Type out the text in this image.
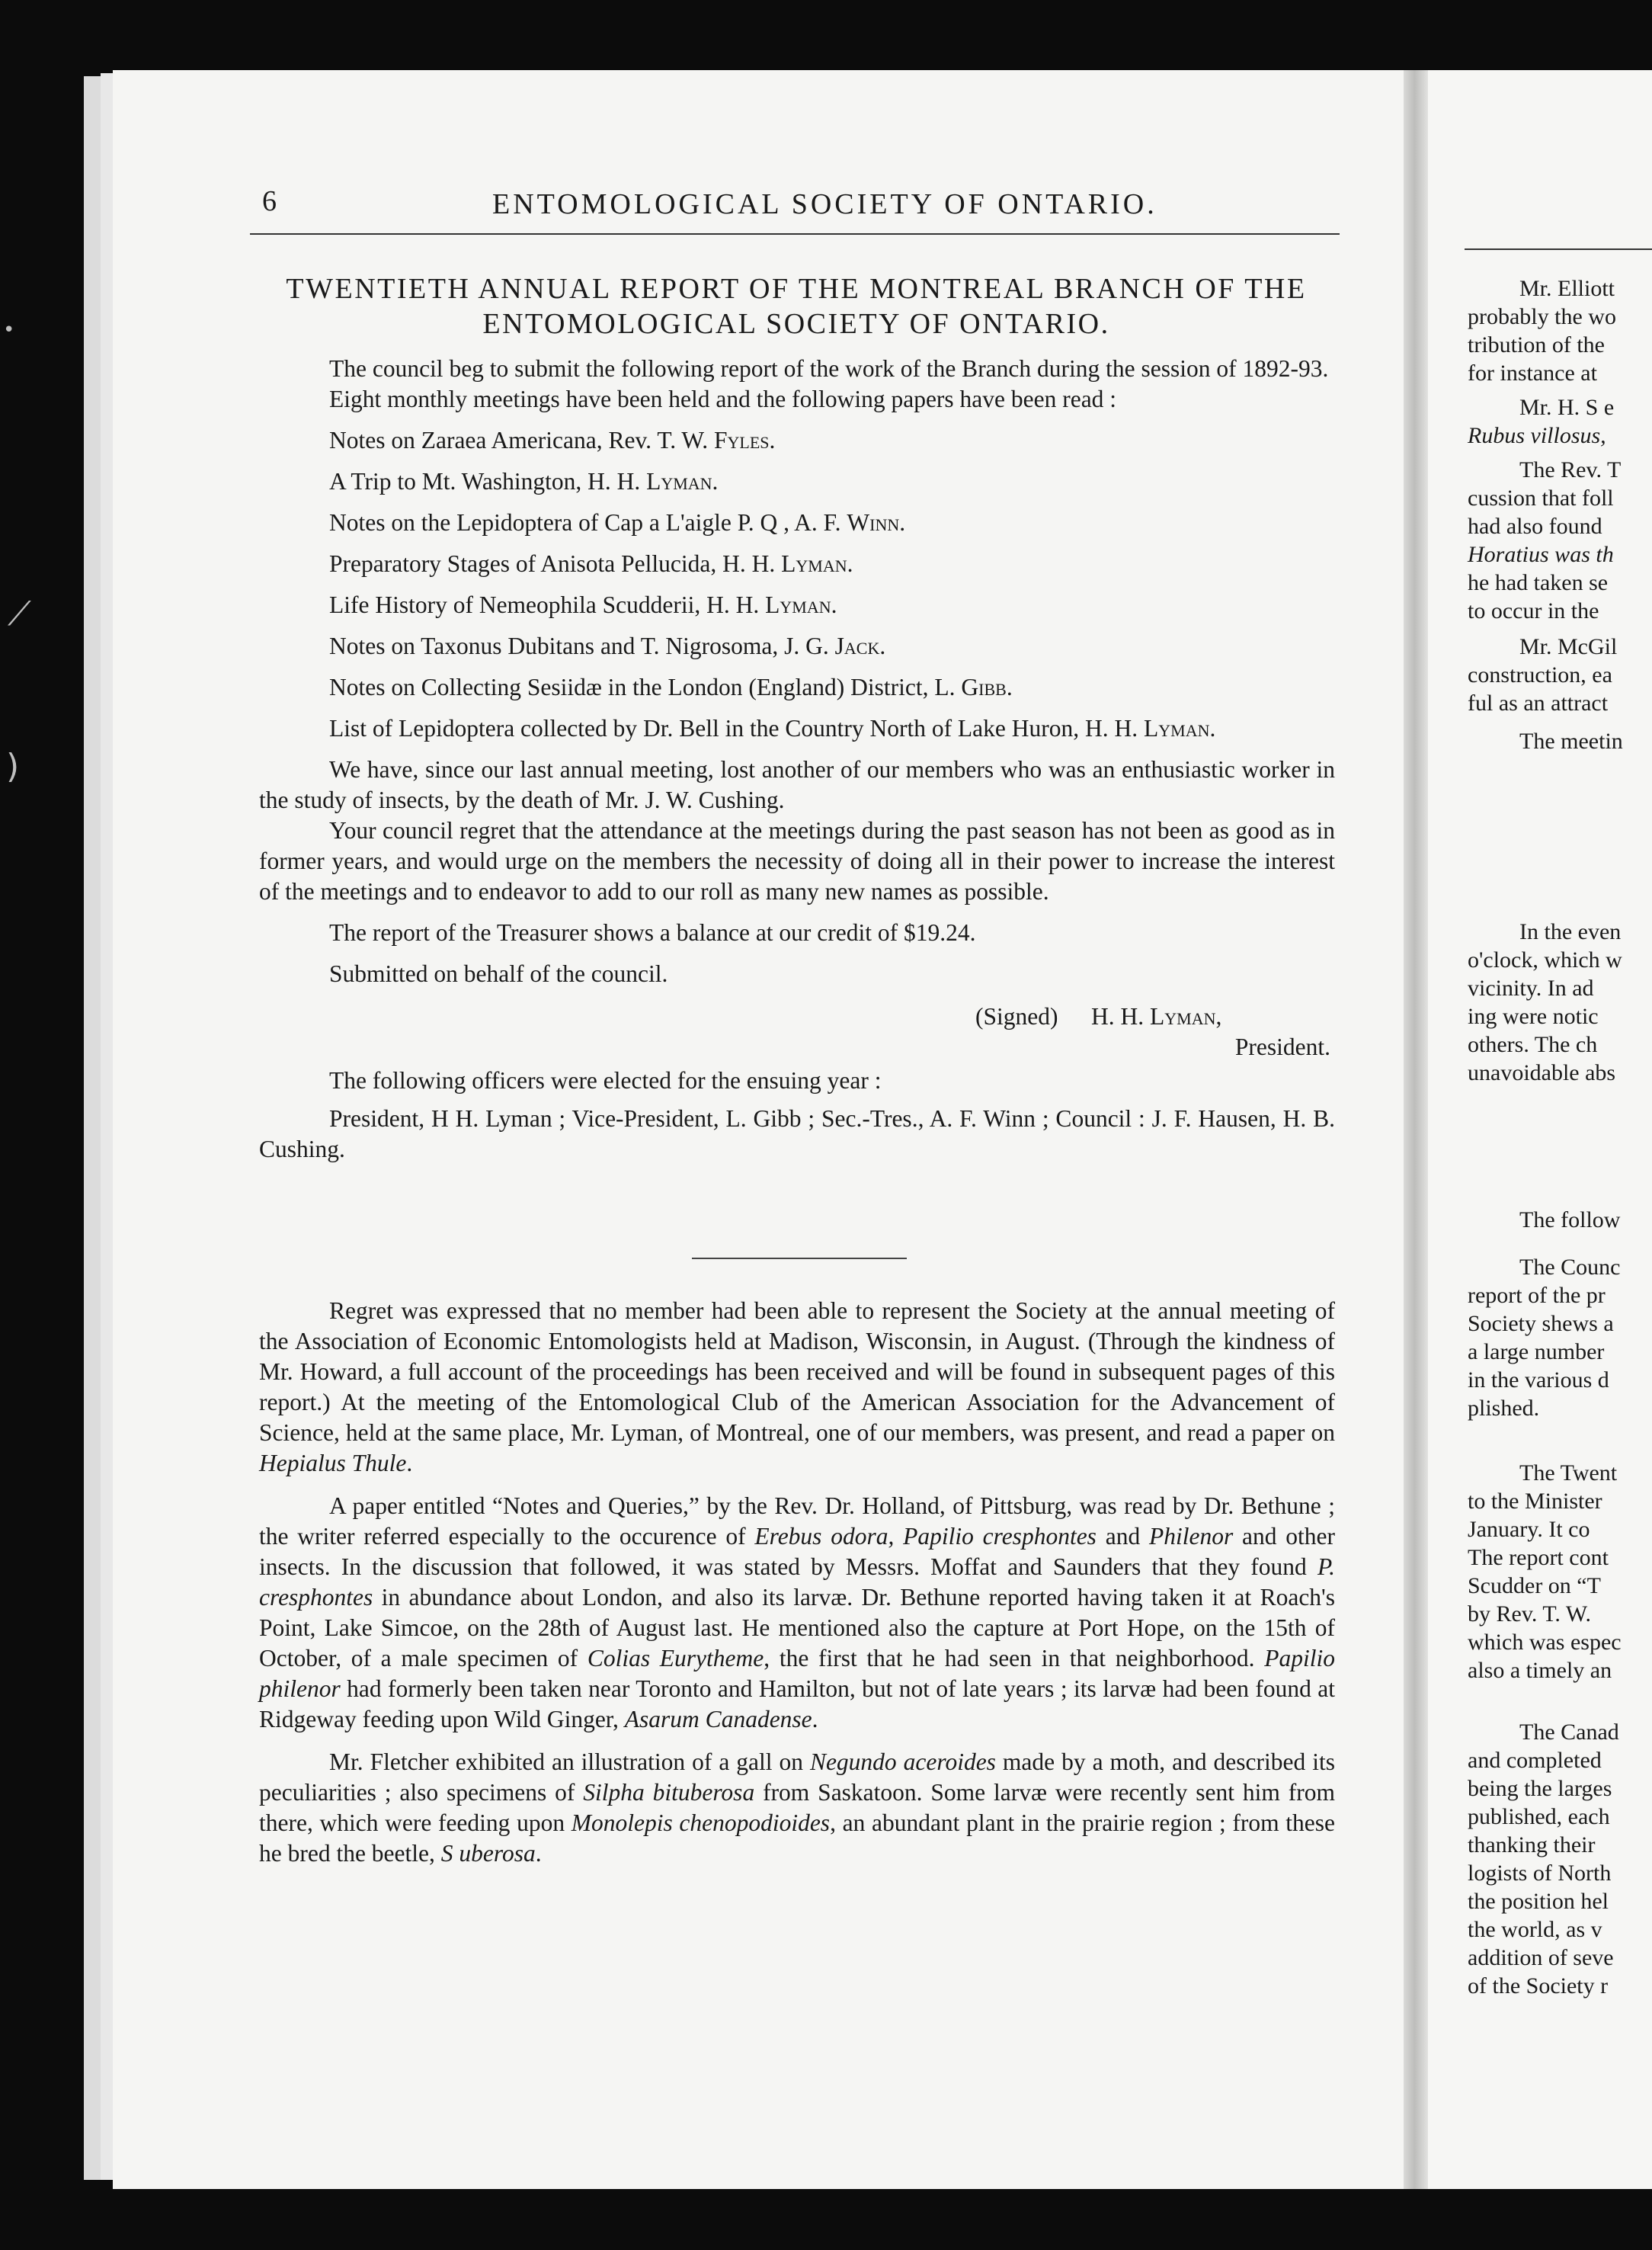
•
⟋
)
6	ENTOMOLOGICAL SOCIETY OF ONTARIO.
TWENTIETH ANNUAL REPORT OF THE MONTREAL BRANCH OF THE ENTOMOLOGICAL SOCIETY OF ONTARIO.

The council beg to submit the following report of the work of the Branch during the session of 1892-93.

Eight monthly meetings have been held and the following papers have been read :

Notes on Zaraea Americana, Rev. T. W. Fyles.

A Trip to Mt. Washington, H. H. Lyman.

Notes on the Lepidoptera of Cap a L'aigle P. Q , A. F. Winn.

Preparatory Stages of Anisota Pellucida, H. H. Lyman.

Life History of Nemeophila Scudderii, H. H. Lyman.

Notes on Taxonus Dubitans and T. Nigrosoma, J. G. Jack.

Notes on Collecting Sesiidæ in the London (England) District, L. Gibb.

List of Lepidoptera collected by Dr. Bell in the Country North of Lake Huron, H. H. Lyman.

We have, since our last annual meeting, lost another of our members who was an enthusiastic worker in the study of insects, by the death of Mr. J. W. Cushing.

Your council regret that the attendance at the meetings during the past season has not been as good as in former years, and would urge on the members the necessity of doing all in their power to increase the interest of the meetings and to endeavor to add to our roll as many new names as possible.

The report of the Treasurer shows a balance at our credit of $19.24.

Submitted on behalf of the council.

(Signed) H. H. Lyman,
President.

The following officers were elected for the ensuing year :

President, H H. Lyman ; Vice-President, L. Gibb ; Sec.-Tres., A. F. Winn ; Council : J. F. Hausen, H. B. Cushing.

Regret was expressed that no member had been able to represent the Society at the annual meeting of the Association of Economic Entomologists held at Madison, Wisconsin, in August. (Through the kindness of Mr. Howard, a full account of the proceedings has been received and will be found in subsequent pages of this report.) At the meeting of the Entomological Club of the American Association for the Advancement of Science, held at the same place, Mr. Lyman, of Montreal, one of our members, was present, and read a paper on Hepialus Thule.

A paper entitled “Notes and Queries,” by the Rev. Dr. Holland, of Pittsburg, was read by Dr. Bethune ; the writer referred especially to the occurence of Erebus odora, Papilio cresphontes and Philenor and other insects. In the discussion that followed, it was stated by Messrs. Moffat and Saunders that they found P. cresphontes in abundance about London, and also its larvæ. Dr. Bethune reported having taken it at Roach's Point, Lake Simcoe, on the 28th of August last. He mentioned also the capture at Port Hope, on the 15th of October, of a male specimen of Colias Eurytheme, the first that he had seen in that neighborhood. Papilio philenor had formerly been taken near Toronto and Hamilton, but not of late years ; its larvæ had been found at Ridgeway feeding upon Wild Ginger, Asarum Canadense.

Mr. Fletcher exhibited an illustration of a gall on Negundo aceroides made by a moth, and described its peculiarities ; also specimens of Silpha bituberosa from Saskatoon. Some larvæ were recently sent him from there, which were feeding upon Monolepis chenopodioides, an abundant plant in the prairie region ; from these he bred the beetle, S uberosa.

Mr. Elliott

probably the wo

tribution of the

for instance at

Mr. H. S e

Rubus villosus,

The Rev. T

cussion that foll

had also found

Horatius was th

he had taken se

to occur in the

Mr. McGil

construction, ea

ful as an attract

The meetin

In the even

o'clock, which w

vicinity. In ad

ing were notic

others. The ch

unavoidable abs

The follow

The Counc

report of the pr

Society shews a

a large number

in the various d

plished.

The Twent

to the Minister

January. It co

The report cont

Scudder on “T

by Rev. T. W.

which was espec

also a timely an

The Canad

and completed

being the larges

published, each

thanking their

logists of North

the position hel

the world, as v

addition of seve

of the Society r
